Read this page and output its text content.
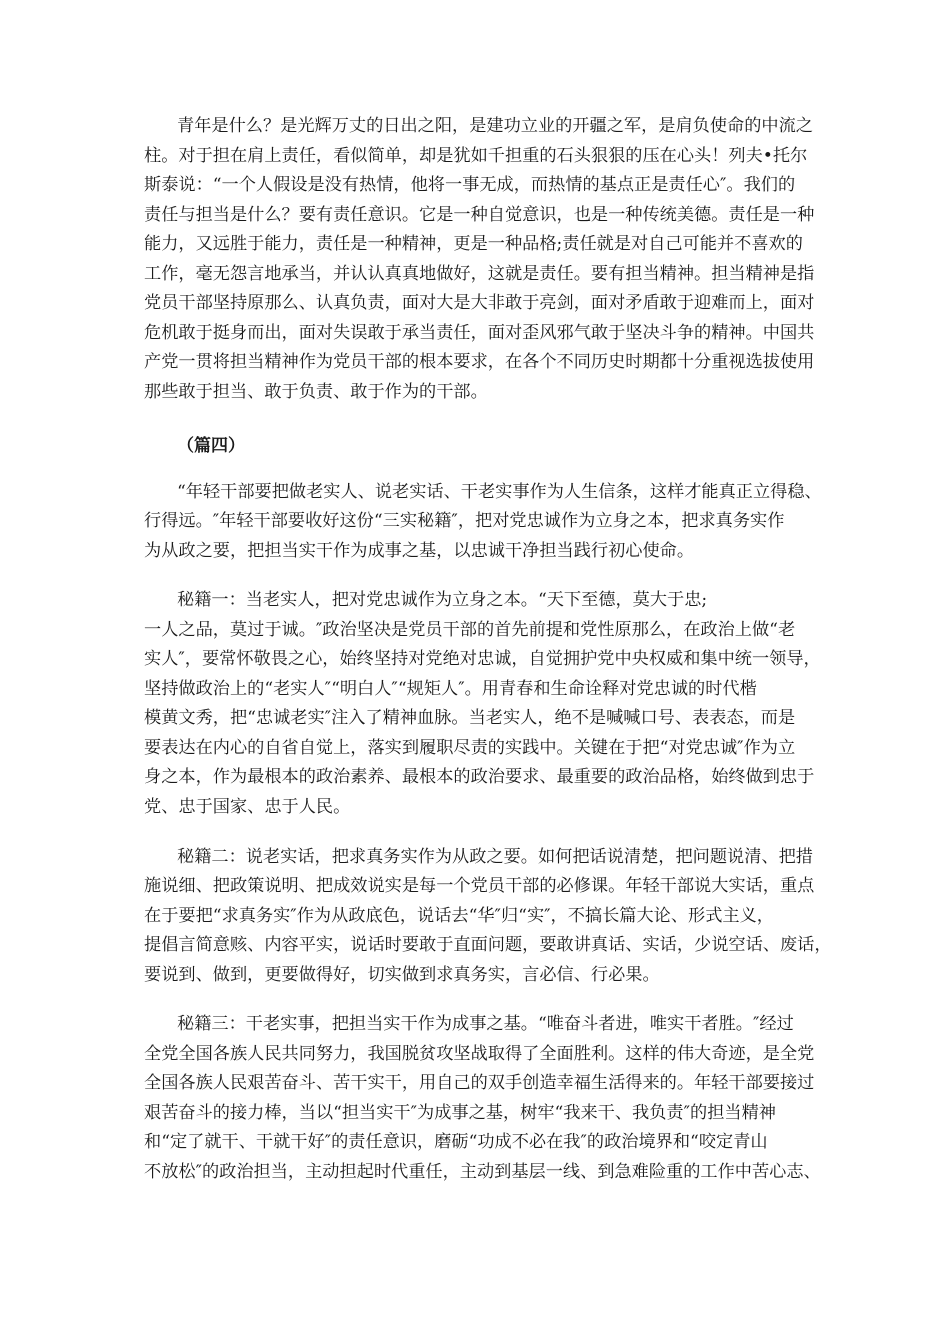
青年是什么？是光辉万丈的日出之阳，是建功立业的开疆之军，是肩负使命的中流之
柱。对于担在肩上责任，看似简单，却是犹如千担重的石头狠狠的压在心头！列夫•托尔
斯泰说：“一个人假设是没有热情，他将一事无成，而热情的基点正是责任心″。我们的
责任与担当是什么？要有责任意识。它是一种自觉意识，也是一种传统美德。责任是一种
能力，又远胜于能力，责任是一种精神，更是一种品格;责任就是对自己可能并不喜欢的
工作，毫无怨言地承当，并认认真真地做好，这就是责任。要有担当精神。担当精神是指
党员干部坚持原那么、认真负责，面对大是大非敢于亮剑，面对矛盾敢于迎难而上，面对
危机敢于挺身而出，面对失误敢于承当责任，面对歪风邪气敢于坚决斗争的精神。中国共
产党一贯将担当精神作为党员干部的根本要求，在各个不同历史时期都十分重视选拔使用
那些敢于担当、敢于负责、敢于作为的干部。
（篇四）
“年轻干部要把做老实人、说老实话、干老实事作为人生信条，这样才能真正立得稳、
行得远。″年轻干部要收好这份“三实秘籍″，把对党忠诚作为立身之本，把求真务实作
为从政之要，把担当实干作为成事之基，以忠诚干净担当践行初心使命。
秘籍一：当老实人，把对党忠诚作为立身之本。“天下至德，莫大于忠;
一人之品，莫过于诚。″政治坚决是党员干部的首先前提和党性原那么，在政治上做“老
实人″，要常怀敬畏之心，始终坚持对党绝对忠诚，自觉拥护党中央权威和集中统一领导，
坚持做政治上的“老实人″“明白人″“规矩人″。用青春和生命诠释对党忠诚的时代楷
模黄文秀，把“忠诚老实″注入了精神血脉。当老实人，绝不是喊喊口号、表表态，而是
要表达在内心的自省自觉上，落实到履职尽责的实践中。关键在于把“对党忠诚″作为立
身之本，作为最根本的政治素养、最根本的政治要求、最重要的政治品格，始终做到忠于
党、忠于国家、忠于人民。
秘籍二：说老实话，把求真务实作为从政之要。如何把话说清楚，把问题说清、把措
施说细、把政策说明、把成效说实是每一个党员干部的必修课。年轻干部说大实话，重点
在于要把“求真务实″作为从政底色，说话去“华″归“实″，不搞长篇大论、形式主义，
提倡言简意赅、内容平实，说话时要敢于直面问题，要敢讲真话、实话，少说空话、废话，
要说到、做到，更要做得好，切实做到求真务实，言必信、行必果。
秘籍三：干老实事，把担当实干作为成事之基。“唯奋斗者进，唯实干者胜。″经过
全党全国各族人民共同努力，我国脱贫攻坚战取得了全面胜利。这样的伟大奇迹，是全党
全国各族人民艰苦奋斗、苦干实干，用自己的双手创造幸福生活得来的。年轻干部要接过
艰苦奋斗的接力棒，当以“担当实干″为成事之基，树牢“我来干、我负责″的担当精神
和“定了就干、干就干好″的责任意识，磨砺“功成不必在我″的政治境界和“咬定青山
不放松″的政治担当，主动担起时代重任，主动到基层一线、到急难险重的工作中苦心志、
